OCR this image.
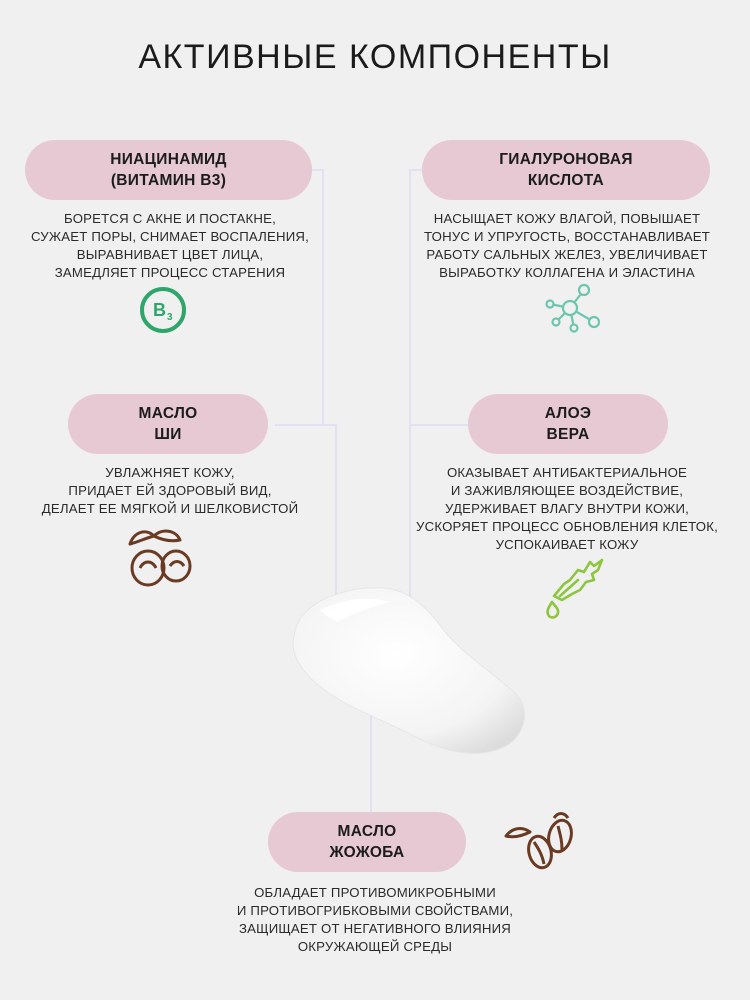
АКТИВНЫЕ КОМПОНЕНТЫ
НИАЦИНАМИД
(ВИТАМИН В3)
БОРЕТСЯ С АКНЕ И ПОСТАКНЕ,
СУЖАЕТ ПОРЫ, СНИМАЕТ ВОСПАЛЕНИЯ,
ВЫРАВНИВАЕТ ЦВЕТ ЛИЦА,
ЗАМЕДЛЯЕТ ПРОЦЕСС СТАРЕНИЯ
B 3
ГИАЛУРОНОВАЯ
КИСЛОТА
НАСЫЩАЕТ КОЖУ ВЛАГОЙ, ПОВЫШАЕТ
ТОНУС И УПРУГОСТЬ, ВОССТАНАВЛИВАЕТ
РАБОТУ САЛЬНЫХ ЖЕЛЕЗ, УВЕЛИЧИВАЕТ
ВЫРАБОТКУ КОЛЛАГЕНА И ЭЛАСТИНА
МАСЛО
ШИ
УВЛАЖНЯЕТ КОЖУ,
ПРИДАЕТ ЕЙ ЗДОРОВЫЙ ВИД,
ДЕЛАЕТ ЕЕ МЯГКОЙ И ШЕЛКОВИСТОЙ
АЛОЭ
ВЕРА
ОКАЗЫВАЕТ АНТИБАКТЕРИАЛЬНОЕ
И ЗАЖИВЛЯЮЩЕЕ ВОЗДЕЙСТВИЕ,
УДЕРЖИВАЕТ ВЛАГУ ВНУТРИ КОЖИ,
УСКОРЯЕТ ПРОЦЕСС ОБНОВЛЕНИЯ КЛЕТОК,
УСПОКАИВАЕТ КОЖУ
МАСЛО
ЖОЖОБА
ОБЛАДАЕТ ПРОТИВОМИКРОБНЫМИ
И ПРОТИВОГРИБКОВЫМИ СВОЙСТВАМИ,
ЗАЩИЩАЕТ ОТ НЕГАТИВНОГО ВЛИЯНИЯ
ОКРУЖАЮЩЕЙ СРЕДЫ
